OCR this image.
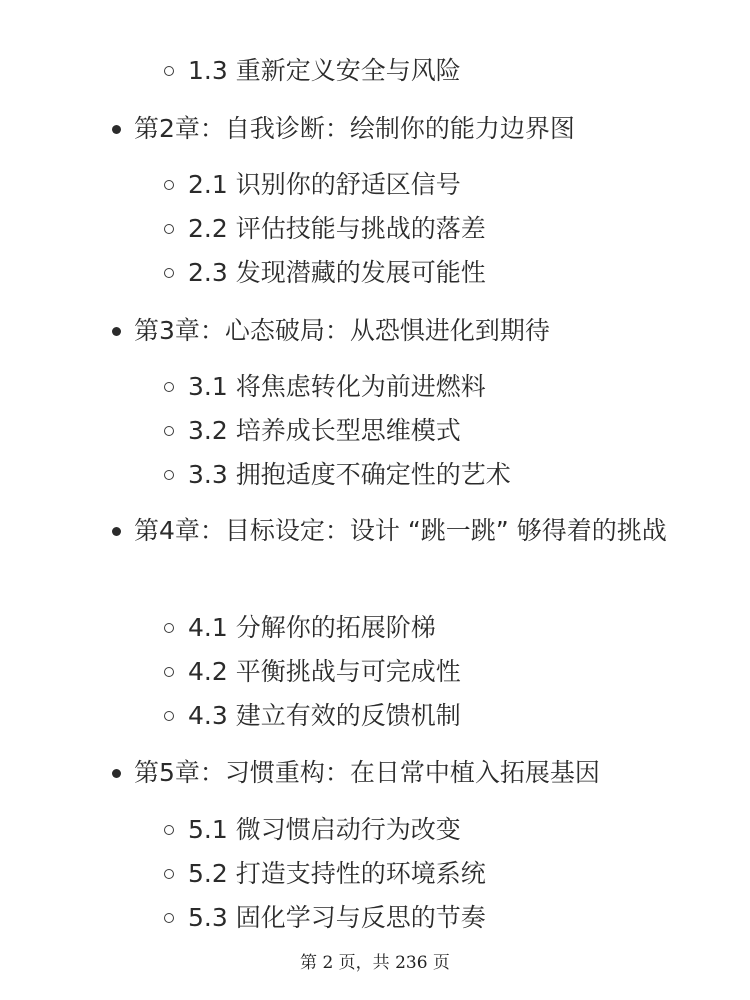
1.3 重新定义安全与风险
第2章：自我诊断：绘制你的能力边界图
2.1 识别你的舒适区信号
2.2 评估技能与挑战的落差
2.3 发现潜藏的发展可能性
第3章：心态破局：从恐惧进化到期待
3.1 将焦虑转化为前进燃料
3.2 培养成长型思维模式
3.3 拥抱适度不确定性的艺术
第4章：目标设定：设计 “跳一跳” 够得着的挑战
4.1 分解你的拓展阶梯
4.2 平衡挑战与可完成性
4.3 建立有效的反馈机制
第5章：习惯重构：在日常中植入拓展基因
5.1 微习惯启动行为改变
5.2 打造支持性的环境系统
5.3 固化学习与反思的节奏
第 2 页，共 236 页
